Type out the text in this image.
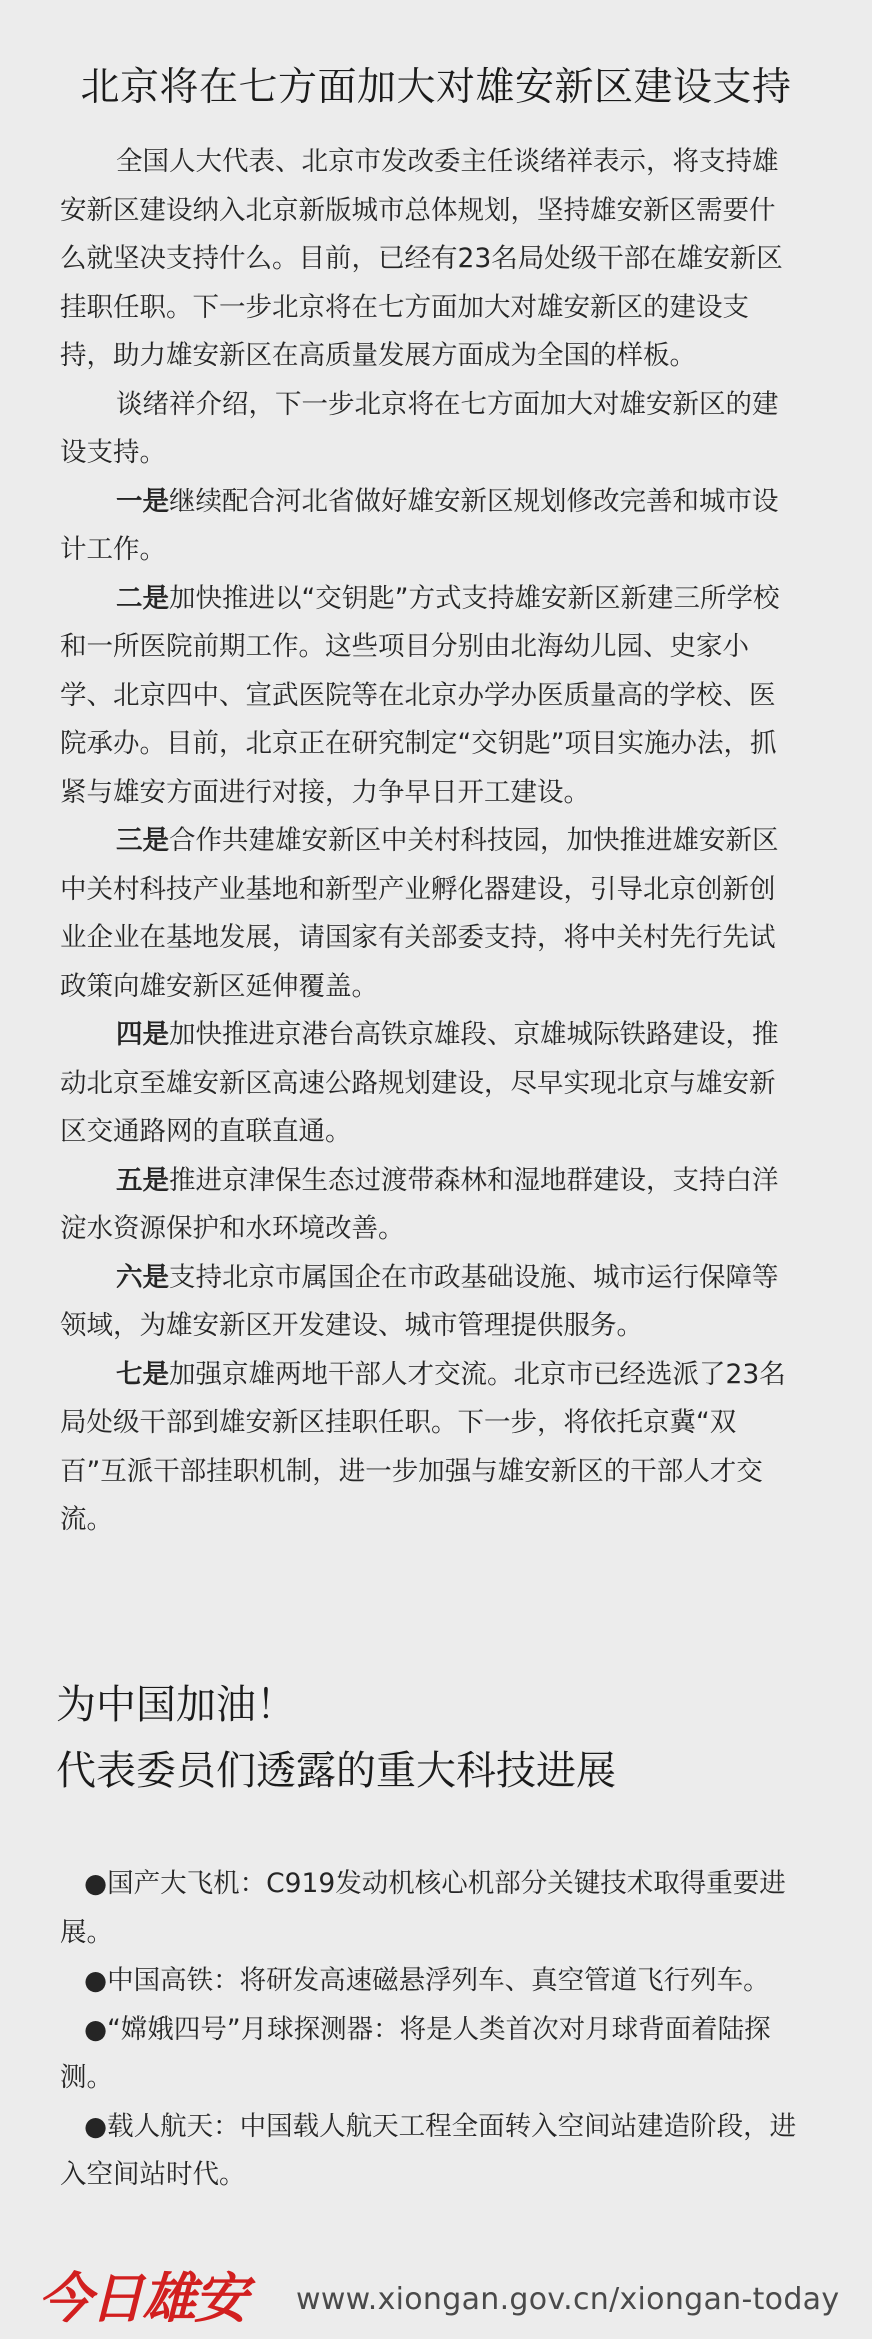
北京将在七方面加大对雄安新区建设支持

全国人大代表、北京市发改委主任谈绪祥表示，将支持雄安新区建设纳入北京新版城市总体规划，坚持雄安新区需要什么就坚决支持什么。目前，已经有23名局处级干部在雄安新区挂职任职。下一步北京将在七方面加大对雄安新区的建设支持，助力雄安新区在高质量发展方面成为全国的样板。

谈绪祥介绍，下一步北京将在七方面加大对雄安新区的建设支持。

一是继续配合河北省做好雄安新区规划修改完善和城市设计工作。

二是加快推进以“交钥匙”方式支持雄安新区新建三所学校和一所医院前期工作。这些项目分别由北海幼儿园、史家小学、北京四中、宣武医院等在北京办学办医质量高的学校、医院承办。目前，北京正在研究制定“交钥匙”项目实施办法，抓紧与雄安方面进行对接，力争早日开工建设。

三是合作共建雄安新区中关村科技园，加快推进雄安新区中关村科技产业基地和新型产业孵化器建设，引导北京创新创业企业在基地发展，请国家有关部委支持，将中关村先行先试政策向雄安新区延伸覆盖。

四是加快推进京港台高铁京雄段、京雄城际铁路建设，推动北京至雄安新区高速公路规划建设，尽早实现北京与雄安新区交通路网的直联直通。

五是推进京津保生态过渡带森林和湿地群建设，支持白洋淀水资源保护和水环境改善。

六是支持北京市属国企在市政基础设施、城市运行保障等领域，为雄安新区开发建设、城市管理提供服务。

七是加强京雄两地干部人才交流。北京市已经选派了23名局处级干部到雄安新区挂职任职。下一步，将依托京冀“双百”互派干部挂职机制，进一步加强与雄安新区的干部人才交流。

为中国加油！
代表委员们透露的重大科技进展

●国产大飞机：C919发动机核心机部分关键技术取得重要进展。

●中国高铁：将研发高速磁悬浮列车、真空管道飞行列车。

●“嫦娥四号”月球探测器：将是人类首次对月球背面着陆探测。

●载人航天：中国载人航天工程全面转入空间站建造阶段，进入空间站时代。

今日雄安 www.xiongan.gov.cn/xiongan-today
